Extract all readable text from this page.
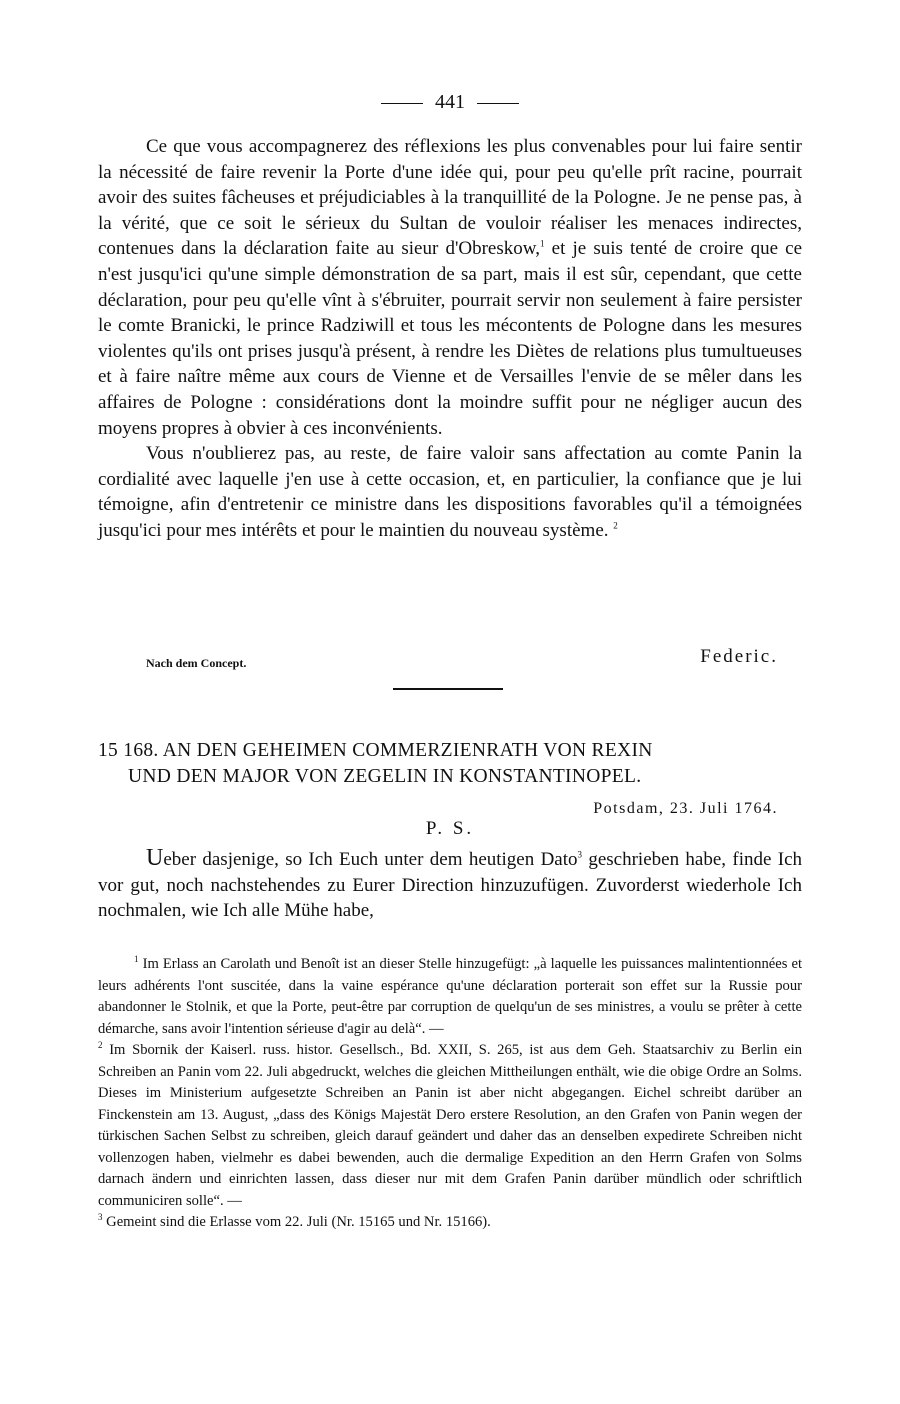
441

Ce que vous accompagnerez des réflexions les plus convenables pour lui faire sentir la nécessité de faire revenir la Porte d'une idée qui, pour peu qu'elle prît racine, pourrait avoir des suites fâcheuses et préjudiciables à la tranquillité de la Pologne. Je ne pense pas, à la vérité, que ce soit le sérieux du Sultan de vouloir réaliser les menaces indirectes, contenues dans la déclaration faite au sieur d'Obreskow,$^1$ et je suis tenté de croire que ce n'est jusqu'ici qu'une simple démonstration de sa part, mais il est sûr, cependant, que cette déclaration, pour peu qu'elle vînt à s'ébruiter, pourrait servir non seulement à faire persister le comte Branicki, le prince Radziwill et tous les mécontents de Pologne dans les mesures violentes qu'ils ont prises jusqu'à présent, à rendre les Diètes de relations plus tumultueuses et à faire naître même aux cours de Vienne et de Versailles l'envie de se mêler dans les affaires de Pologne : considérations dont la moindre suffit pour ne négliger aucun des moyens propres à obvier à ces inconvénients.

Vous n'oublierez pas, au reste, de faire valoir sans affectation au comte Panin la cordialité avec laquelle j'en use à cette occasion, et, en particulier, la confiance que je lui témoigne, afin d'entretenir ce ministre dans les dispositions favorables qu'il a témoignées jusqu'ici pour mes intérêts et pour le maintien du nouveau système. $^2$

Nach dem Concept.	Federic.
15 168. AN DEN GEHEIMEN COMMERZIENRATH VON REXIN
UND DEN MAJOR VON ZEGELIN IN KONSTANTINOPEL.
Potsdam, 23. Juli 1764.
P. S.

Ueber dasjenige, so Ich Euch unter dem heutigen Dato$^3$ geschrieben habe, finde Ich vor gut, noch nachstehendes zu Eurer Direction hinzuzufügen. Zuvorderst wiederhole Ich nochmalen, wie Ich alle Mühe habe,

$^1$ Im Erlass an Carolath und Benoît ist an dieser Stelle hinzugefügt: „à laquelle les puissances malintentionnées et leurs adhérents l'ont suscitée, dans la vaine espérance qu'une déclaration porterait son effet sur la Russie pour abandonner le Stolnik, et que la Porte, peut-être par corruption de quelqu'un de ses ministres, a voulu se prêter à cette démarche, sans avoir l'intention sérieuse d'agir au delà“. —

$^2$ Im Sbornik der Kaiserl. russ. histor. Gesellsch., Bd. XXII, S. 265, ist aus dem Geh. Staatsarchiv zu Berlin ein Schreiben an Panin vom 22. Juli abgedruckt, welches die gleichen Mittheilungen enthält, wie die obige Ordre an Solms. Dieses im Ministerium aufgesetzte Schreiben an Panin ist aber nicht abgegangen. Eichel schreibt darüber an Finckenstein am 13. August, „dass des Königs Majestät Dero erstere Resolution, an den Grafen von Panin wegen der türkischen Sachen Selbst zu schreiben, gleich darauf geändert und daher das an denselben expedirete Schreiben nicht vollenzogen haben, vielmehr es dabei bewenden, auch die dermalige Expedition an den Herrn Grafen von Solms darnach ändern und einrichten lassen, dass dieser nur mit dem Grafen Panin darüber mündlich oder schriftlich communiciren solle“. —

$^3$ Gemeint sind die Erlasse vom 22. Juli (Nr. 15165 und Nr. 15166).
